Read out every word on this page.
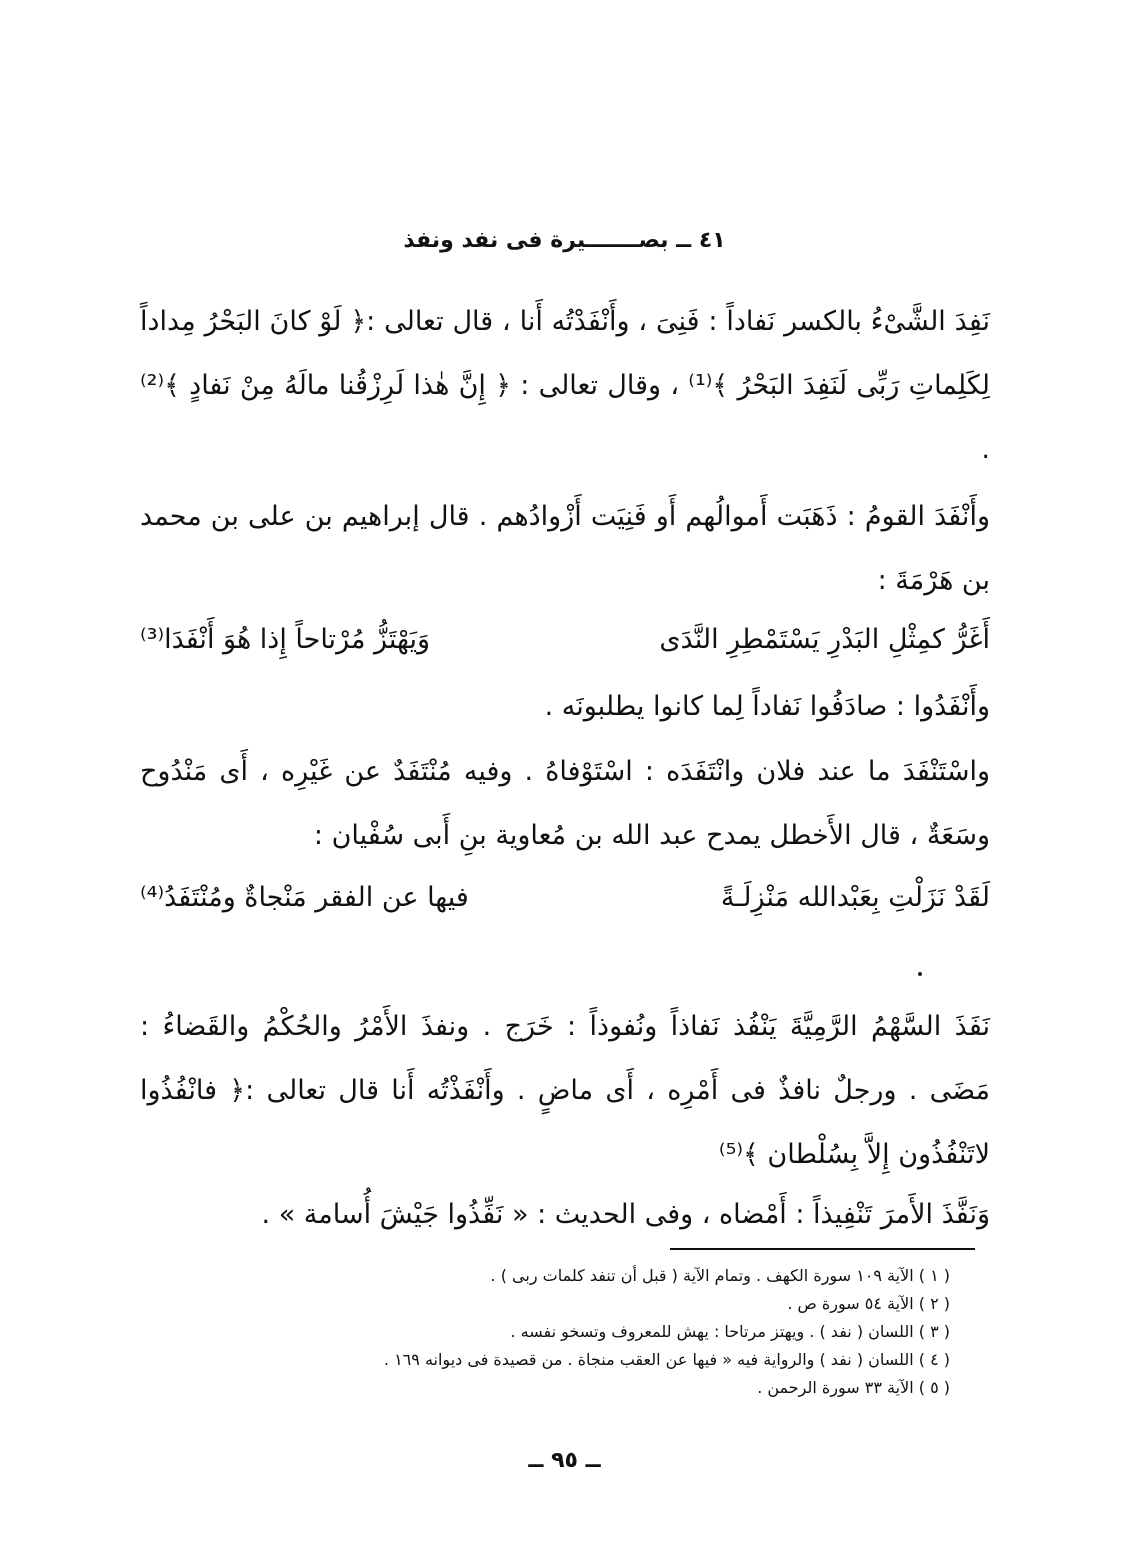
٤١ ــ بصـــــــيرة فى نفد ونفذ
نَفِدَ الشَّىْءُ بالكسر نَفاداً : فَنِىَ ، وأَنْفَدْتُه أَنا ، قال تعالى :﴿ لَوْ كانَ البَحْرُ مِداداً لِكَلِماتِ رَبِّى لَنَفِدَ البَحْرُ ﴾⁽¹⁾ ، وقال تعالى : ﴿ إِنَّ هٰذا لَرِزْقُنا مالَهُ مِنْ نَفادٍ ﴾⁽²⁾ .
وأَنْفَدَ القومُ : ذَهَبَت أَموالُهم أَو فَنِيَت أَزْوادُهم . قال إبراهيم بن على بن محمد بن هَرْمَةَ :
أَغَرُّ كمِثْلِ البَدْرِ يَسْتَمْطِرِ النَّدَى
وَيَهْتَزُّ مُرْتاحاً إِذا هُوَ أَنْفَدَا⁽³⁾
وأَنْفَدُوا : صادَفُوا نَفاداً لِما كانوا يطلبونَه .
واسْتَنْفَدَ ما عند فلان وانْتَفَدَه : اسْتَوْفاهُ . وفيه مُنْتَفَدٌ عن غَيْرِه ، أَى مَنْدُوح وسَعَةٌ ، قال الأَخطل يمدح عبد الله بن مُعاوية بنِ أَبى سُفْيان :
لَقَدْ نَزَلْتِ بِعَبْدالله مَنْزِلَـةً
فيها عن الفقر مَنْجاةٌ ومُنْتَفَدُ⁽⁴⁾
نَفَذَ السَّهْمُ الرَّمِيَّةَ يَنْفُذ نَفاذاً ونُفوذاً : خَرَج . ونفذَ الأَمْرُ والحُكْمُ والقَضاءُ : مَضَى . ورجلٌ نافذٌ فى أَمْرِه ، أَى ماضٍ . وأَنْفَذْتُه أَنا قال تعالى :﴿ فانْفُذُوا لاتَنْفُذُون إِلاَّ بِسُلْطان ﴾⁽⁵⁾
وَنَفَّذَ الأَمرَ تَنْفِيذاً : أَمْضاه ، وفى الحديث : « نَفِّذُوا جَيْشَ أُسامة » .
( ١ ) الآية ١٠٩ سورة الكهف . وتمام الآية ( قبل أن تنفد كلمات ربى ) .
( ٢ ) الآية ٥٤ سورة ص .
( ٣ ) اللسان ( نفد ) . ويهتز مرتاحا : يهش للمعروف وتسخو نفسه .
( ٤ ) اللسان ( نفد ) والرواية فيه « فيها عن العقب منجاة . من قصيدة فى ديوانه ١٦٩ .
( ٥ ) الآية ٣٣ سورة الرحمن .
ــ ٩٥ ــ
